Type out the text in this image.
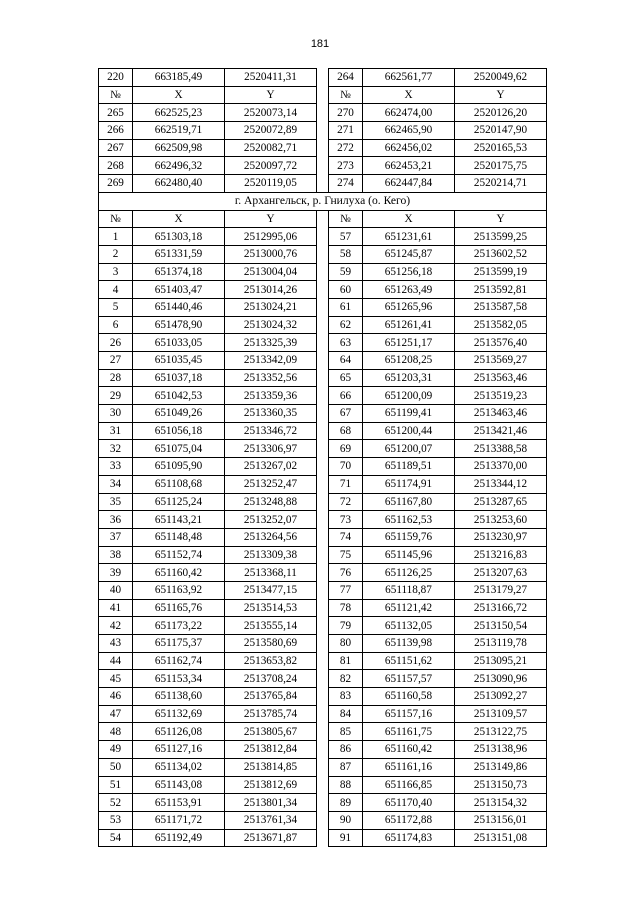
181
220	663185,49	2520411,31		264	662561,77	2520049,62
№	X	Y		№	X	Y
265	662525,23	2520073,14		270	662474,00	2520126,20
266	662519,71	2520072,89		271	662465,90	2520147,90
267	662509,98	2520082,71		272	662456,02	2520165,53
268	662496,32	2520097,72		273	662453,21	2520175,75
269	662480,40	2520119,05		274	662447,84	2520214,71
г. Архангельск, р. Гнилуха (о. Кего)						
№	X	Y		№	X	Y
1	651303,18	2512995,06		57	651231,61	2513599,25
2	651331,59	2513000,76		58	651245,87	2513602,52
3	651374,18	2513004,04		59	651256,18	2513599,19
4	651403,47	2513014,26		60	651263,49	2513592,81
5	651440,46	2513024,21		61	651265,96	2513587,58
6	651478,90	2513024,32		62	651261,41	2513582,05
26	651033,05	2513325,39		63	651251,17	2513576,40
27	651035,45	2513342,09		64	651208,25	2513569,27
28	651037,18	2513352,56		65	651203,31	2513563,46
29	651042,53	2513359,36		66	651200,09	2513519,23
30	651049,26	2513360,35		67	651199,41	2513463,46
31	651056,18	2513346,72		68	651200,44	2513421,46
32	651075,04	2513306,97		69	651200,07	2513388,58
33	651095,90	2513267,02		70	651189,51	2513370,00
34	651108,68	2513252,47		71	651174,91	2513344,12
35	651125,24	2513248,88		72	651167,80	2513287,65
36	651143,21	2513252,07		73	651162,53	2513253,60
37	651148,48	2513264,56		74	651159,76	2513230,97
38	651152,74	2513309,38		75	651145,96	2513216,83
39	651160,42	2513368,11		76	651126,25	2513207,63
40	651163,92	2513477,15		77	651118,87	2513179,27
41	651165,76	2513514,53		78	651121,42	2513166,72
42	651173,22	2513555,14		79	651132,05	2513150,54
43	651175,37	2513580,69		80	651139,98	2513119,78
44	651162,74	2513653,82		81	651151,62	2513095,21
45	651153,34	2513708,24		82	651157,57	2513090,96
46	651138,60	2513765,84		83	651160,58	2513092,27
47	651132,69	2513785,74		84	651157,16	2513109,57
48	651126,08	2513805,67		85	651161,75	2513122,75
49	651127,16	2513812,84		86	651160,42	2513138,96
50	651134,02	2513814,85		87	651161,16	2513149,86
51	651143,08	2513812,69		88	651166,85	2513150,73
52	651153,91	2513801,34		89	651170,40	2513154,32
53	651171,72	2513761,34		90	651172,88	2513156,01
54	651192,49	2513671,87		91	651174,83	2513151,08
